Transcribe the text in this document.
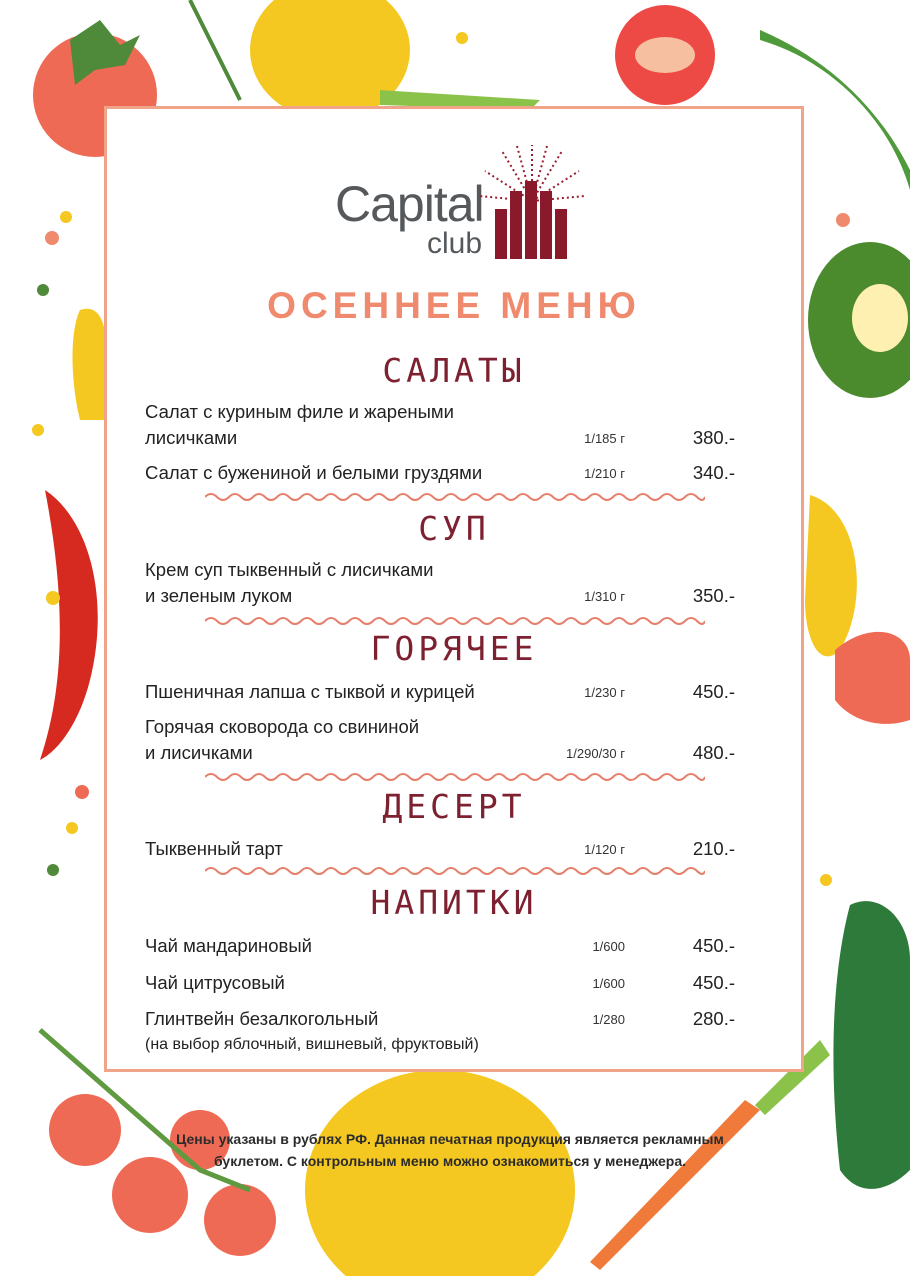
Capital
club
ОСЕННЕЕ МЕНЮ
САЛАТЫ
Салат с куриным филе и жареными
лисичками	1/185 г	380.-
Салат с бужениной и белыми груздями	1/210 г	340.-
СУП
Крем суп тыквенный с лисичками
и зеленым луком	1/310 г	350.-
ГОРЯЧЕЕ
Пшеничная лапша с тыквой и курицей	1/230 г	450.-
Горячая сковорода со свининой
и лисичками	1/290/30 г	480.-
ДЕСЕРТ
Тыквенный тарт	1/120 г	210.-
НАПИТКИ
Чай мандариновый	1/600	450.-
Чай цитрусовый	1/600	450.-
Глинтвейн безалкогольный
(на выбор яблочный, вишневый, фруктовый)
1/280	280.-
Цены указаны в рублях РФ. Данная печатная продукция является рекламным
буклетом. С контрольным меню можно ознакомиться у менеджера.
